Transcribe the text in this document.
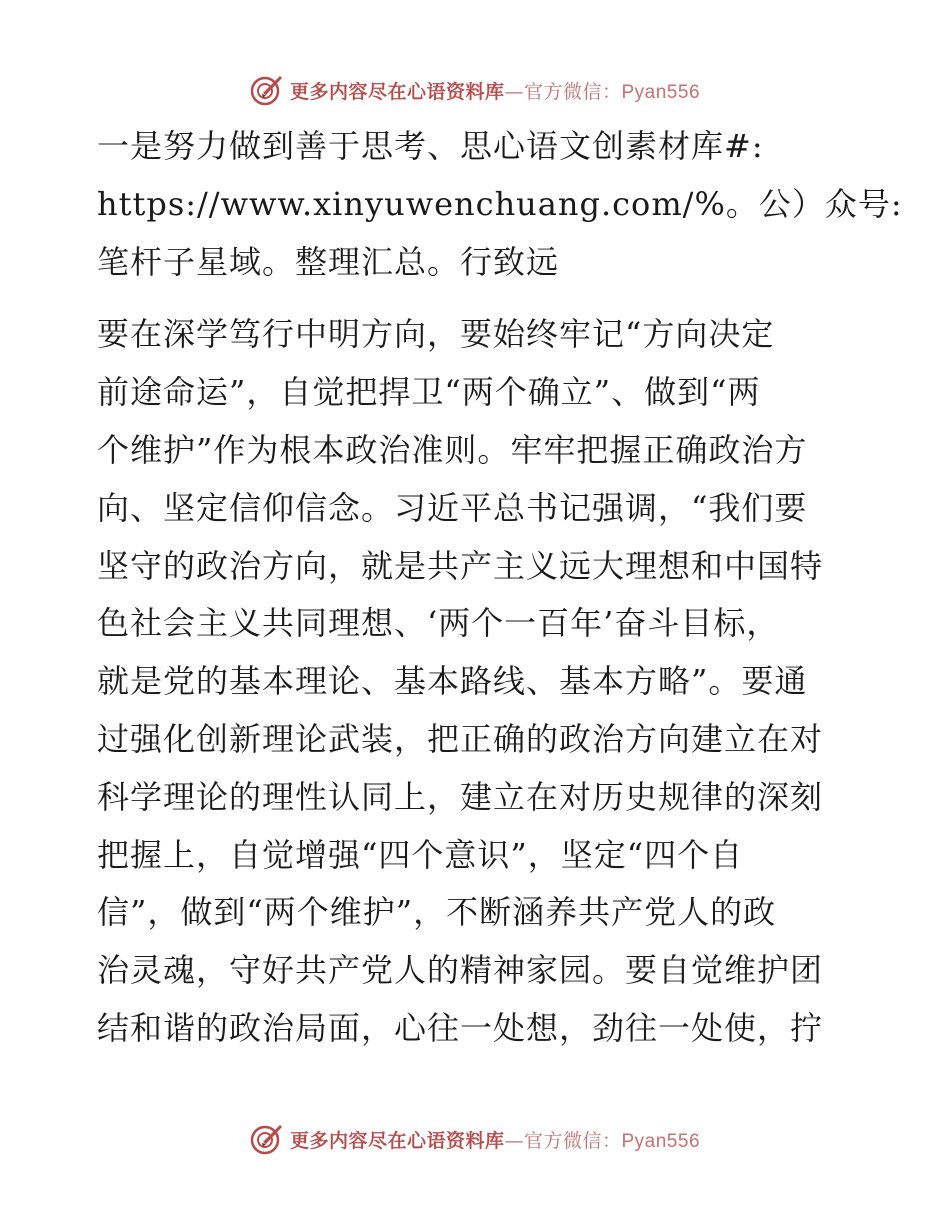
更多内容尽在心语资料库—官方微信：Pyan556

一是努力做到善于思考、思心语文创素材库#:
https://www.xinyuwenchuang.com/%。公）众号:
笔杆子星域。整理汇总。行致远

要在深学笃行中明方向，要始终牢记“方向决定
前途命运”，自觉把捍卫“两个确立”、做到“两
个维护”作为根本政治准则。牢牢把握正确政治方
向、坚定信仰信念。习近平总书记强调，“我们要
坚守的政治方向，就是共产主义远大理想和中国特
色社会主义共同理想、‘两个一百年’奋斗目标，
就是党的基本理论、基本路线、基本方略”。要通
过强化创新理论武装，把正确的政治方向建立在对
科学理论的理性认同上，建立在对历史规律的深刻
把握上，自觉增强“四个意识”，坚定“四个自
信”，做到“两个维护”，不断涵养共产党人的政
治灵魂，守好共产党人的精神家园。要自觉维护团
结和谐的政治局面，心往一处想，劲往一处使，拧

更多内容尽在心语资料库—官方微信：Pyan556
